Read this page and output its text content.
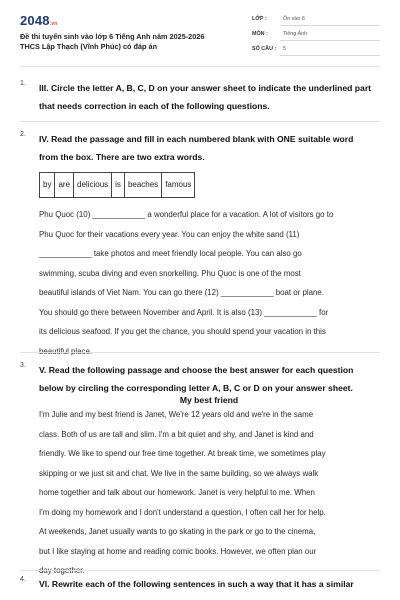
2048.vn
Đề thi tuyển sinh vào lớp 6 Tiếng Anh năm 2025-2026
THCS Lập Thạch (Vĩnh Phúc) có đáp án
LỚP :	Ôn vào 6
MÔN :	Tiếng Anh
SỐ CÂU : 5
1. III. Circle the letter A, B, C, D on your answer sheet to indicate the underlined part
that needs correction in each of the following questions.
2. IV. Read the passage and fill in each numbered blank with ONE suitable word
from the box. There are two extra words.
by are delicious is beaches famous

Phu Quoc (10) ____________ a wonderful place for a vacation. A lot of visitors go to

Phu Quoc for their vacations every year. You can enjoy the white sand (11)

____________ take photos and meet friendly local people. You can also go

swimming, scuba diving and even snorkelling. Phu Quoc is one of the most

beautiful islands of Viet Nam. You can go there (12) ____________ boat or plane.

You should go there between November and April. It is also (13) ____________ for

its delicious seafood. If you get the chance, you should spend your vacation in this

beautiful place.

3. V. Read the following passage and choose the best answer for each question
below by circling the corresponding letter A, B, C or D on your answer sheet.
My best friend

I'm Julie and my best friend is Janet, We're 12 years old and we're in the same

class. Both of us are tall and slim. I'm a bit quiet and shy, and Janet is kind and

friendly. We like to spend our free time together. At break time, we sometimes play

skipping or we just sit and chat. We live in the same building, so we always walk

home together and talk about our homework. Janet is very helpful to me. When

I'm doing my homework and I don't understand a question, I often call her for help.

At weekends, Janet usually wants to go skating in the park or go to the cinema,

but I like staying at home and reading comic books. However, we often plan our

day together.

4. VI. Rewrite each of the following sentences in such a way that it has a similar
